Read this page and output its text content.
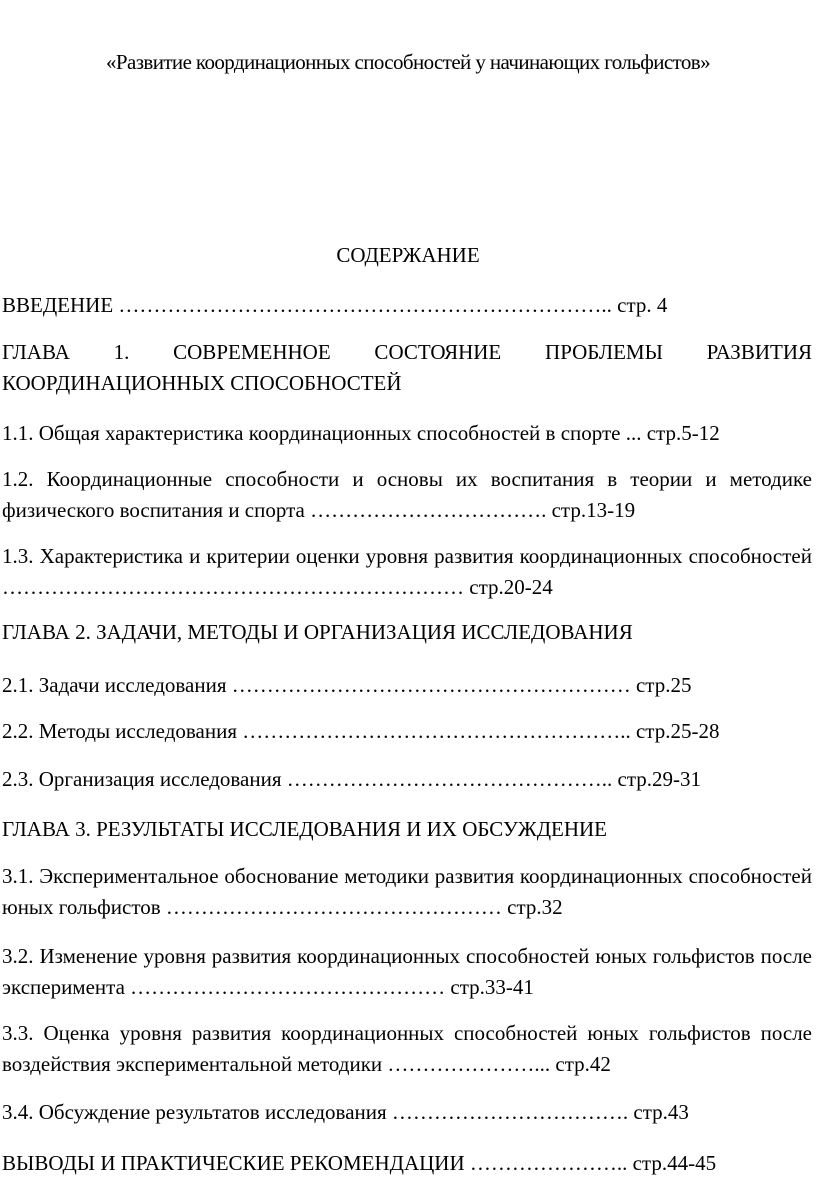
«Развитие координационных способностей у начинающих гольфистов»
СОДЕРЖАНИЕ

ВВЕДЕНИЕ …………………………………………………………….. стр. 4

ГЛАВА 1. СОВРЕМЕННОЕ СОСТОЯНИЕ ПРОБЛЕМЫ РАЗВИТИЯ КООРДИНАЦИОННЫХ СПОСОБНОСТЕЙ

1.1. Общая характеристика координационных способностей в спорте ... стр.5-12

1.2. Координационные способности и основы их воспитания в теории и методике физического воспитания и спорта ……………………………. стр.13-19

1.3. Характеристика и критерии оценки уровня развития координационных способностей ………………………………………………………… стр.20-24

ГЛАВА 2. ЗАДАЧИ, МЕТОДЫ И ОРГАНИЗАЦИЯ ИССЛЕДОВАНИЯ

2.1. Задачи исследования ………………………………………………… стр.25

2.2. Методы исследования ……………………………………………….. стр.25-28

2.3. Организация исследования ……………………………………….. стр.29-31

ГЛАВА 3. РЕЗУЛЬТАТЫ ИССЛЕДОВАНИЯ И ИХ ОБСУЖДЕНИЕ

3.1. Экспериментальное обоснование методики развития координационных способностей юных гольфистов ………………………………………… стр.32

3.2. Изменение уровня развития координационных способностей юных гольфистов после эксперимента ……………………………………… стр.33-41

3.3. Оценка уровня развития координационных способностей юных гольфистов после воздействия экспериментальной методики …………………... стр.42

3.4. Обсуждение результатов исследования ……………………………. стр.43

ВЫВОДЫ И ПРАКТИЧЕСКИЕ РЕКОМЕНДАЦИИ ………………….. стр.44-45
